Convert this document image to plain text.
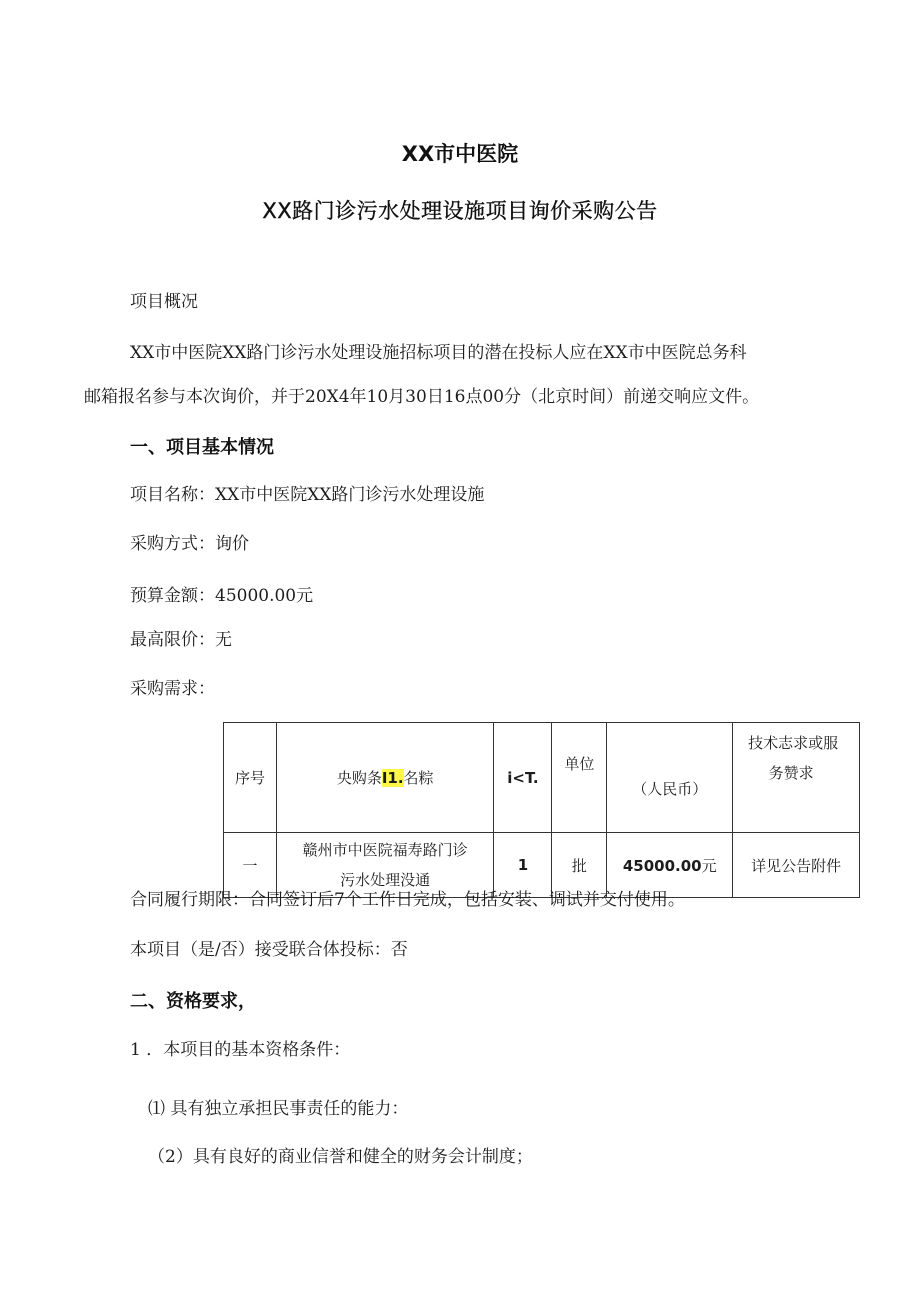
XX市中医院
XX路门诊污水处理设施项目询价采购公告
项目概况
XX市中医院XX路门诊污水处理设施招标项目的潜在投标人应在XX市中医院总务科
邮箱报名参与本次询价，并于20X4年10月30日16点00分（北京时间）前递交响应文件。
一、项目基本情况
项目名称：XX市中医院XX路门诊污水处理设施
采购方式：询价
预算金额：45000.00元
最高限价：无
采购需求：
序号	央购条I1.名粽	i<T.	单位	（人民币）	技术志求或服
务赞求

一	赣州市中医院福寿路门诊
污水处理没通	1	批	45000.00元	详见公告附件
合同履行期限：合同签订后7个工作日完成，包括安装、调试并交付使用。
本项目（是/否）接受联合体投标：否
二、资格要求，
1 ．本项目的基本资格条件：
⑴ 具有独立承担民事责任的能力：
（2）具有良好的商业信誉和健全的财务会计制度；
